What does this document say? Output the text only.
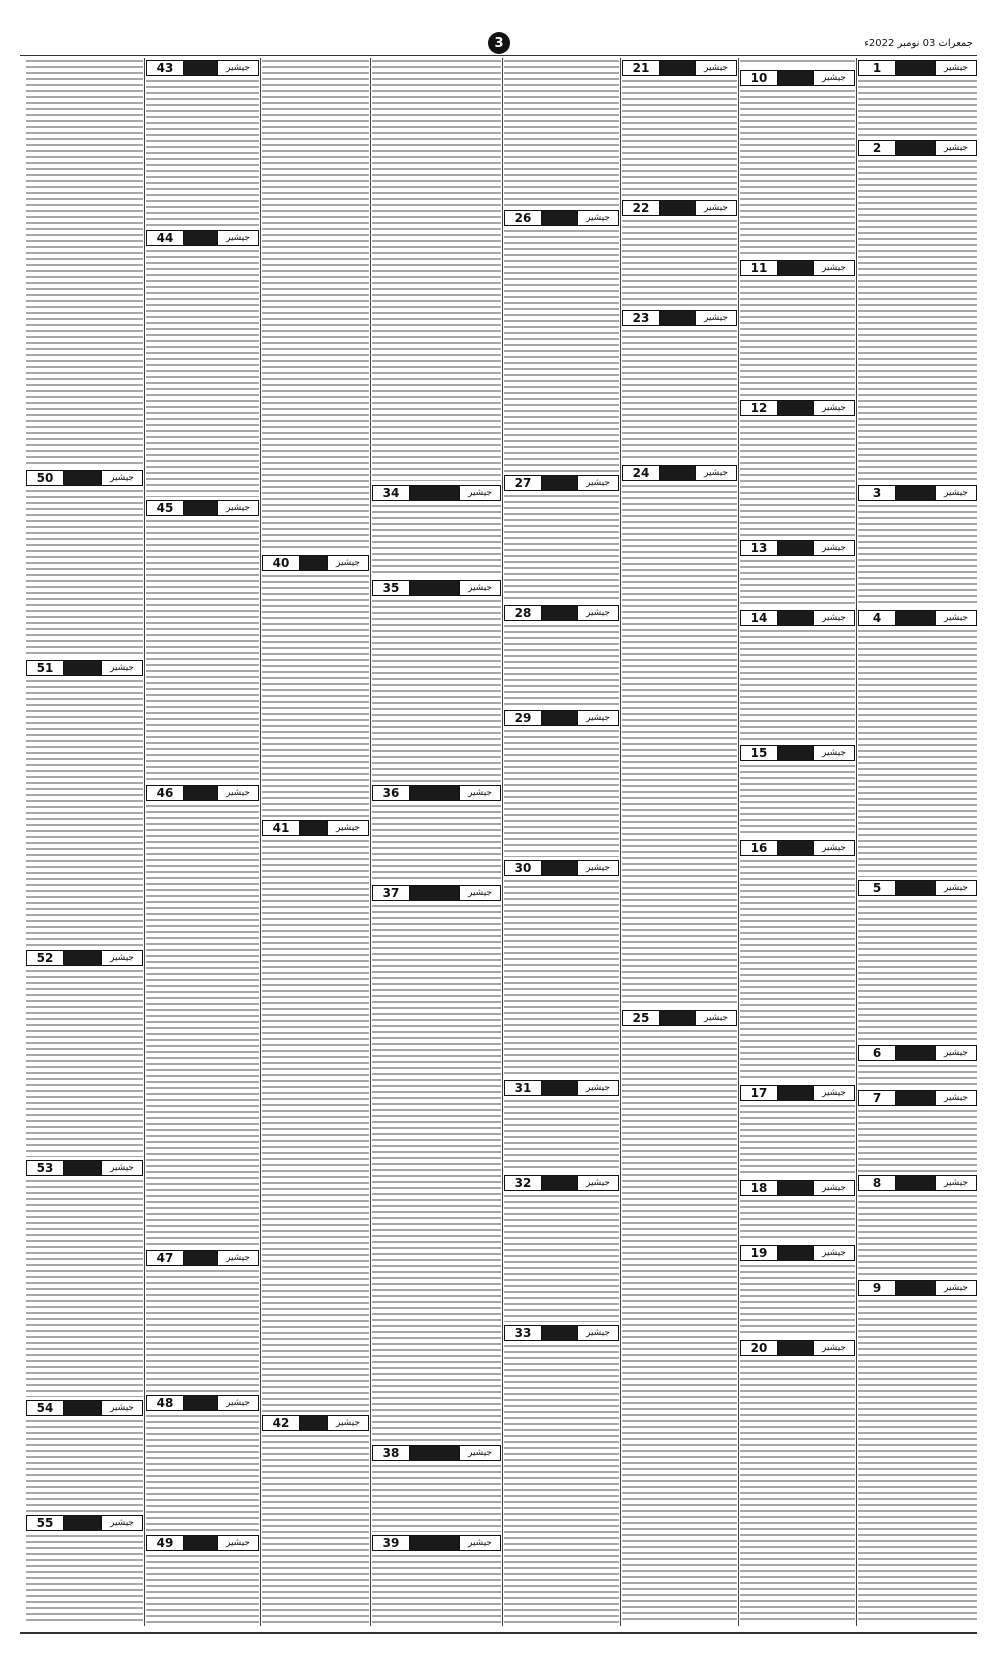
3	جمعرات 03 نومبر 2022ء
1	جیشیر
2	جیشیر
3	جیشیر
4	جیشیر
5	جیشیر
6	جیشیر
7	جیشیر
8	جیشیر
9	جیشیر
10	جیشیر
11	جیشیر
12	جیشیر
13	جیشیر
14	جیشیر
15	جیشیر
16	جیشیر
17	جیشیر
18	جیشیر
19	جیشیر
20	جیشیر
21	جیشیر
22	جیشیر
23	جیشیر
24	جیشیر
25	جیشیر
26	جیشیر
27	جیشیر
28	جیشیر
29	جیشیر
30	جیشیر
31	جیشیر
32	جیشیر
33	جیشیر
34	جیشیر
35	جیشیر
36	جیشیر
37	جیشیر
38	جیشیر
39	جیشیر
40	جیشیر
41	جیشیر
42	جیشیر
43	جیشیر
44	جیشیر
45	جیشیر
46	جیشیر
47	جیشیر
48	جیشیر
49	جیشیر
50	جیشیر
51	جیشیر
52	جیشیر
53	جیشیر
54	جیشیر
55	جیشیر
